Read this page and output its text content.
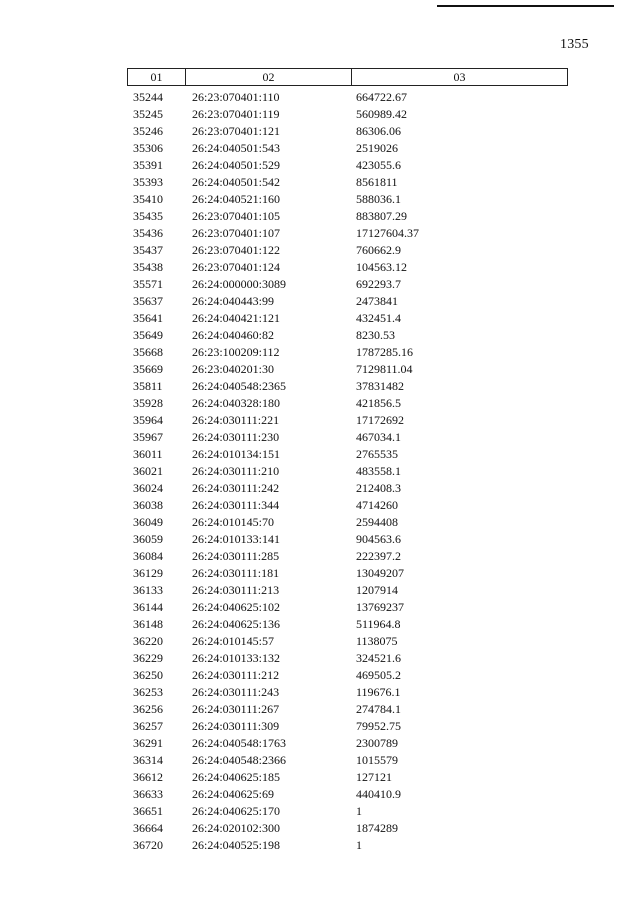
1355
01	02	03
35244	26:23:070401:110	664722.67
35245	26:23:070401:119	560989.42
35246	26:23:070401:121	86306.06
35306	26:24:040501:543	2519026
35391	26:24:040501:529	423055.6
35393	26:24:040501:542	8561811
35410	26:24:040521:160	588036.1
35435	26:23:070401:105	883807.29
35436	26:23:070401:107	17127604.37
35437	26:23:070401:122	760662.9
35438	26:23:070401:124	104563.12
35571	26:24:000000:3089	692293.7
35637	26:24:040443:99	2473841
35641	26:24:040421:121	432451.4
35649	26:24:040460:82	8230.53
35668	26:23:100209:112	1787285.16
35669	26:23:040201:30	7129811.04
35811	26:24:040548:2365	37831482
35928	26:24:040328:180	421856.5
35964	26:24:030111:221	17172692
35967	26:24:030111:230	467034.1
36011	26:24:010134:151	2765535
36021	26:24:030111:210	483558.1
36024	26:24:030111:242	212408.3
36038	26:24:030111:344	4714260
36049	26:24:010145:70	2594408
36059	26:24:010133:141	904563.6
36084	26:24:030111:285	222397.2
36129	26:24:030111:181	13049207
36133	26:24:030111:213	1207914
36144	26:24:040625:102	13769237
36148	26:24:040625:136	511964.8
36220	26:24:010145:57	1138075
36229	26:24:010133:132	324521.6
36250	26:24:030111:212	469505.2
36253	26:24:030111:243	119676.1
36256	26:24:030111:267	274784.1
36257	26:24:030111:309	79952.75
36291	26:24:040548:1763	2300789
36314	26:24:040548:2366	1015579
36612	26:24:040625:185	127121
36633	26:24:040625:69	440410.9
36651	26:24:040625:170	1
36664	26:24:020102:300	1874289
36720	26:24:040525:198	1
